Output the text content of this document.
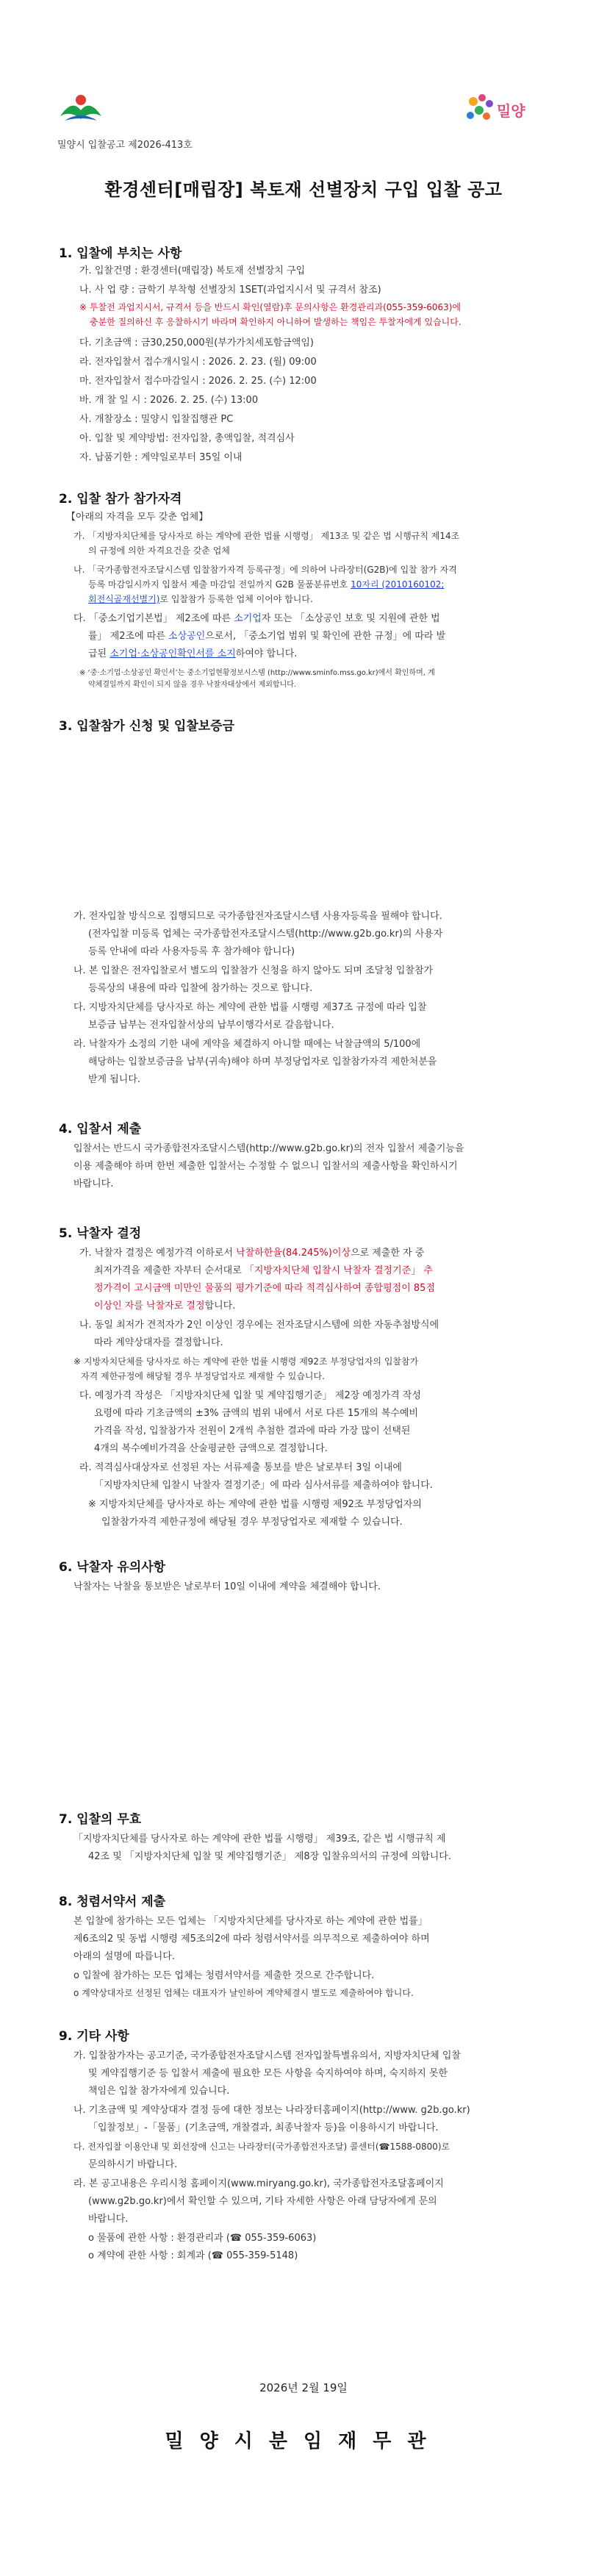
밀양
밀양시 입찰공고 제2026-413호
환경센터[매립장] 복토재 선별장치 구입 입찰 공고
1. 입찰에 부치는 사항
가. 입찰건명 : 환경센터(매립장) 복토재 선별장치 구입
나. 사 업 량 : 금학기 부착형 선별장치 1SET(과업지시서 및 규격서 참조)
※ 투찰전 과업지시서, 규격서 등을 반드시 확인(열람)후 문의사항은 환경관리과(055-359-6063)에
충분한 질의하신 후 응찰하시기 바라며 확인하지 아니하여 발생하는 책임은 투찰자에게 있습니다.
다. 기초금액 : 금30,250,000원(부가가치세포함금액임)
라. 전자입찰서 접수개시일시 : 2026. 2. 23. (월) 09:00
마. 전자입찰서 접수마감일시 : 2026. 2. 25. (수) 12:00
바. 개 찰 일 시 : 2026. 2. 25. (수) 13:00
사. 개찰장소 : 밀양시 입찰집행관 PC
아. 입찰 및 계약방법: 전자입찰, 총액입찰, 적격심사
자. 납품기한 : 계약일로부터 35일 이내
2. 입찰 참가 참가자격
【아래의 자격을 모두 갖춘 업체】
가. 「지방자치단체를 당사자로 하는 계약에 관한 법률 시행령」 제13조 및 같은 법 시행규칙 제14조
의 규정에 의한 자격요건을 갖춘 업체
나. 「국가종합전자조달시스템 입찰참가자격 등록규정」에 의하여 나라장터(G2B)에 입찰 참가 자격
등록 마감일시까지 입찰서 제출 마감일 전일까지 G2B 물품분류번호 10자리 (2010160102;
회전식골재선별기)로 입찰참가 등록한 업체 이어야 합니다.
다. 「중소기업기본법」 제2조에 따른 소기업자 또는 「소상공인 보호 및 지원에 관한 법
률」 제2조에 따른 소상공인으로서, 「중소기업 범위 및 확인에 관한 규정」에 따라 발
급된 소기업·소상공인확인서를 소지하여야 합니다.
※ ‘중·소기업·소상공인 확인서’는 중소기업현황정보시스템 (http://www.sminfo.mss.go.kr)에서 확인하며, 계
약체결일까지 확인이 되지 않을 경우 낙찰자대상에서 제외합니다.
3. 입찰참가 신청 및 입찰보증금
가. 전자입찰 방식으로 집행되므로 국가종합전자조달시스템 사용자등록을 필해야 합니다.
(전자입찰 미등록 업체는 국가종합전자조달시스템(http://www.g2b.go.kr)의 사용자
등록 안내에 따라 사용자등록 후 참가해야 합니다)
나. 본 입찰은 전자입찰로서 별도의 입찰참가 신청을 하지 않아도 되며 조달청 입찰참가
등록상의 내용에 따라 입찰에 참가하는 것으로 합니다.
다. 지방자치단체를 당사자로 하는 계약에 관한 법률 시행령 제37조 규정에 따라 입찰
보증금 납부는 전자입찰서상의 납부이행각서로 갈음합니다.
라. 낙찰자가 소정의 기한 내에 계약을 체결하지 아니할 때에는 낙찰금액의 5/100에
해당하는 입찰보증금을 납부(귀속)해야 하며 부정당업자로 입찰참가자격 제한처분을
받게 됩니다.
4. 입찰서 제출
입찰서는 반드시 국가종합전자조달시스템(http://www.g2b.go.kr)의 전자 입찰서 제출기능을
이용 제출해야 하며 한번 제출한 입찰서는 수정할 수 없으니 입찰서의 제출사항을 확인하시기
바랍니다.
5. 낙찰자 결정
가. 낙찰자 결정은 예정가격 이하로서 낙찰하한율(84.245%)이상으로 제출한 자 중
최저가격을 제출한 자부터 순서대로 「지방자치단체 입찰시 낙찰자 결정기준」 추
정가격이 고시금액 미만인 물품의 평가기준에 따라 적격심사하여 종합평점이 85점
이상인 자를 낙찰자로 결정합니다.
나. 동일 최저가 견적자가 2인 이상인 경우에는 전자조달시스템에 의한 자동추첨방식에
따라 계약상대자를 결정합니다.
※ 지방자치단체를 당사자로 하는 계약에 관한 법률 시행령 제92조 부정당업자의 입찰참가
자격 제한규정에 해당될 경우 부정당업자로 제재할 수 있습니다.
다. 예정가격 작성은 「지방자치단체 입찰 및 계약집행기준」 제2장 예정가격 작성
요령에 따라 기초금액의 ±3% 금액의 범위 내에서 서로 다른 15개의 복수예비
가격을 작성, 입찰참가자 전원이 2개씩 추첨한 결과에 따라 가장 많이 선택된
4개의 복수예비가격을 산술평균한 금액으로 결정합니다.
라. 적격심사대상자로 선정된 자는 서류제출 통보를 받은 날로부터 3일 이내에
「지방자치단체 입찰시 낙찰자 결정기준」에 따라 심사서류를 제출하여야 합니다.
※ 지방자치단체를 당사자로 하는 계약에 관한 법률 시행령 제92조 부정당업자의
입찰참가자격 제한규정에 해당될 경우 부정당업자로 제재할 수 있습니다.
6. 낙찰자 유의사항
낙찰자는 낙찰을 통보받은 날로부터 10일 이내에 계약을 체결해야 합니다.
7. 입찰의 무효
「지방자치단체를 당사자로 하는 계약에 관한 법률 시행령」 제39조, 같은 법 시행규칙 제
42조 및 「지방자치단체 입찰 및 계약집행기준」 제8장 입찰유의서의 규정에 의합니다.
8. 청렴서약서 제출
본 입찰에 참가하는 모든 업체는 「지방자치단체를 당사자로 하는 계약에 관한 법률」
제6조의2 및 동법 시행령 제5조의2에 따라 청렴서약서를 의무적으로 제출하여야 하며
아래의 설명에 따릅니다.
o 입찰에 참가하는 모든 업체는 청렴서약서를 제출한 것으로 간주합니다.
o 계약상대자로 선정된 업체는 대표자가 날인하여 계약체결시 별도로 제출하여야 합니다.
9. 기타 사항
가. 입찰참가자는 공고기준, 국가종합전자조달시스템 전자입찰특별유의서, 지방자치단체 입찰
및 계약집행기준 등 입찰서 제출에 필요한 모든 사항을 숙지하여야 하며, 숙지하지 못한
책임은 입찰 참가자에게 있습니다.
나. 기초금액 및 계약상대자 결정 등에 대한 정보는 나라장터홈페이지(http://www. g2b.go.kr)
「입찰정보」-「물품」(기초금액, 개찰결과, 최종낙찰자 등)을 이용하시기 바랍니다.
다. 전자입찰 이용안내 및 회선장애 신고는 나라장터(국가종합전자조달) 콜센터(☎1588-0800)로
문의하시기 바랍니다.
라. 본 공고내용은 우리시청 홈페이지(www.miryang.go.kr), 국가종합전자조달홈페이지
(www.g2b.go.kr)에서 확인할 수 있으며, 기타 자세한 사항은 아래 담당자에게 문의
바랍니다.
o 물품에 관한 사항 : 환경관리과 (☎ 055-359-6063)
o 계약에 관한 사항 : 회계과 (☎ 055-359-5148)
2026년 2월 19일
밀양시분임재무관
